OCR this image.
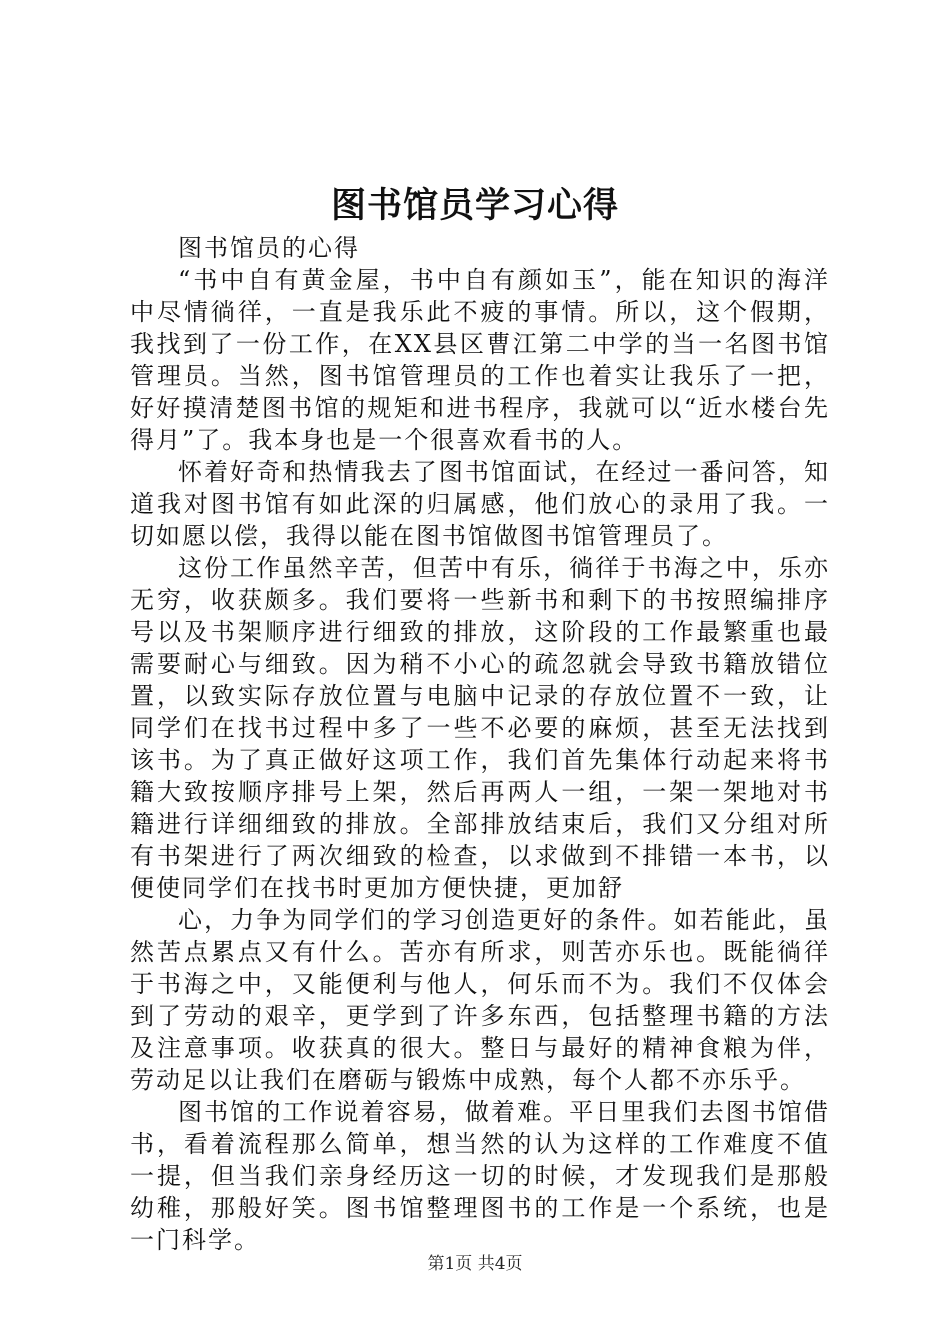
图书馆员学习心得

图书馆员的心得

“书中自有黄金屋，书中自有颜如玉”，能在知识的海洋中尽情徜徉，一直是我乐此不疲的事情。所以，这个假期，我找到了一份工作，在XX县区曹江第二中学的当一名图书馆管理员。当然，图书馆管理员的工作也着实让我乐了一把，好好摸清楚图书馆的规矩和进书程序，我就可以“近水楼台先得月”了。我本身也是一个很喜欢看书的人。

怀着好奇和热情我去了图书馆面试，在经过一番问答，知道我对图书馆有如此深的归属感，他们放心的录用了我。一切如愿以偿，我得以能在图书馆做图书馆管理员了。

这份工作虽然辛苦，但苦中有乐，徜徉于书海之中，乐亦无穷，收获颇多。我们要将一些新书和剩下的书按照编排序号以及书架顺序进行细致的排放，这阶段的工作最繁重也最需要耐心与细致。因为稍不小心的疏忽就会导致书籍放错位置，以致实际存放位置与电脑中记录的存放位置不一致，让同学们在找书过程中多了一些不必要的麻烦，甚至无法找到该书。为了真正做好这项工作，我们首先集体行动起来将书籍大致按顺序排号上架，然后再两人一组，一架一架地对书籍进行详细细致的排放。全部排放结束后，我们又分组对所有书架进行了两次细致的检查，以求做到不排错一本书，以便使同学们在找书时更加方便快捷，更加舒

心，力争为同学们的学习创造更好的条件。如若能此，虽然苦点累点又有什么。苦亦有所求，则苦亦乐也。既能徜徉于书海之中，又能便利与他人，何乐而不为。我们不仅体会到了劳动的艰辛，更学到了许多东西，包括整理书籍的方法及注意事项。收获真的很大。整日与最好的精神食粮为伴，劳动足以让我们在磨砺与锻炼中成熟，每个人都不亦乐乎。

图书馆的工作说着容易，做着难。平日里我们去图书馆借书，看着流程那么简单，想当然的认为这样的工作难度不值一提，但当我们亲身经历这一切的时候，才发现我们是那般幼稚，那般好笑。图书馆整理图书的工作是一个系统，也是一门科学。

第1页 共4页
